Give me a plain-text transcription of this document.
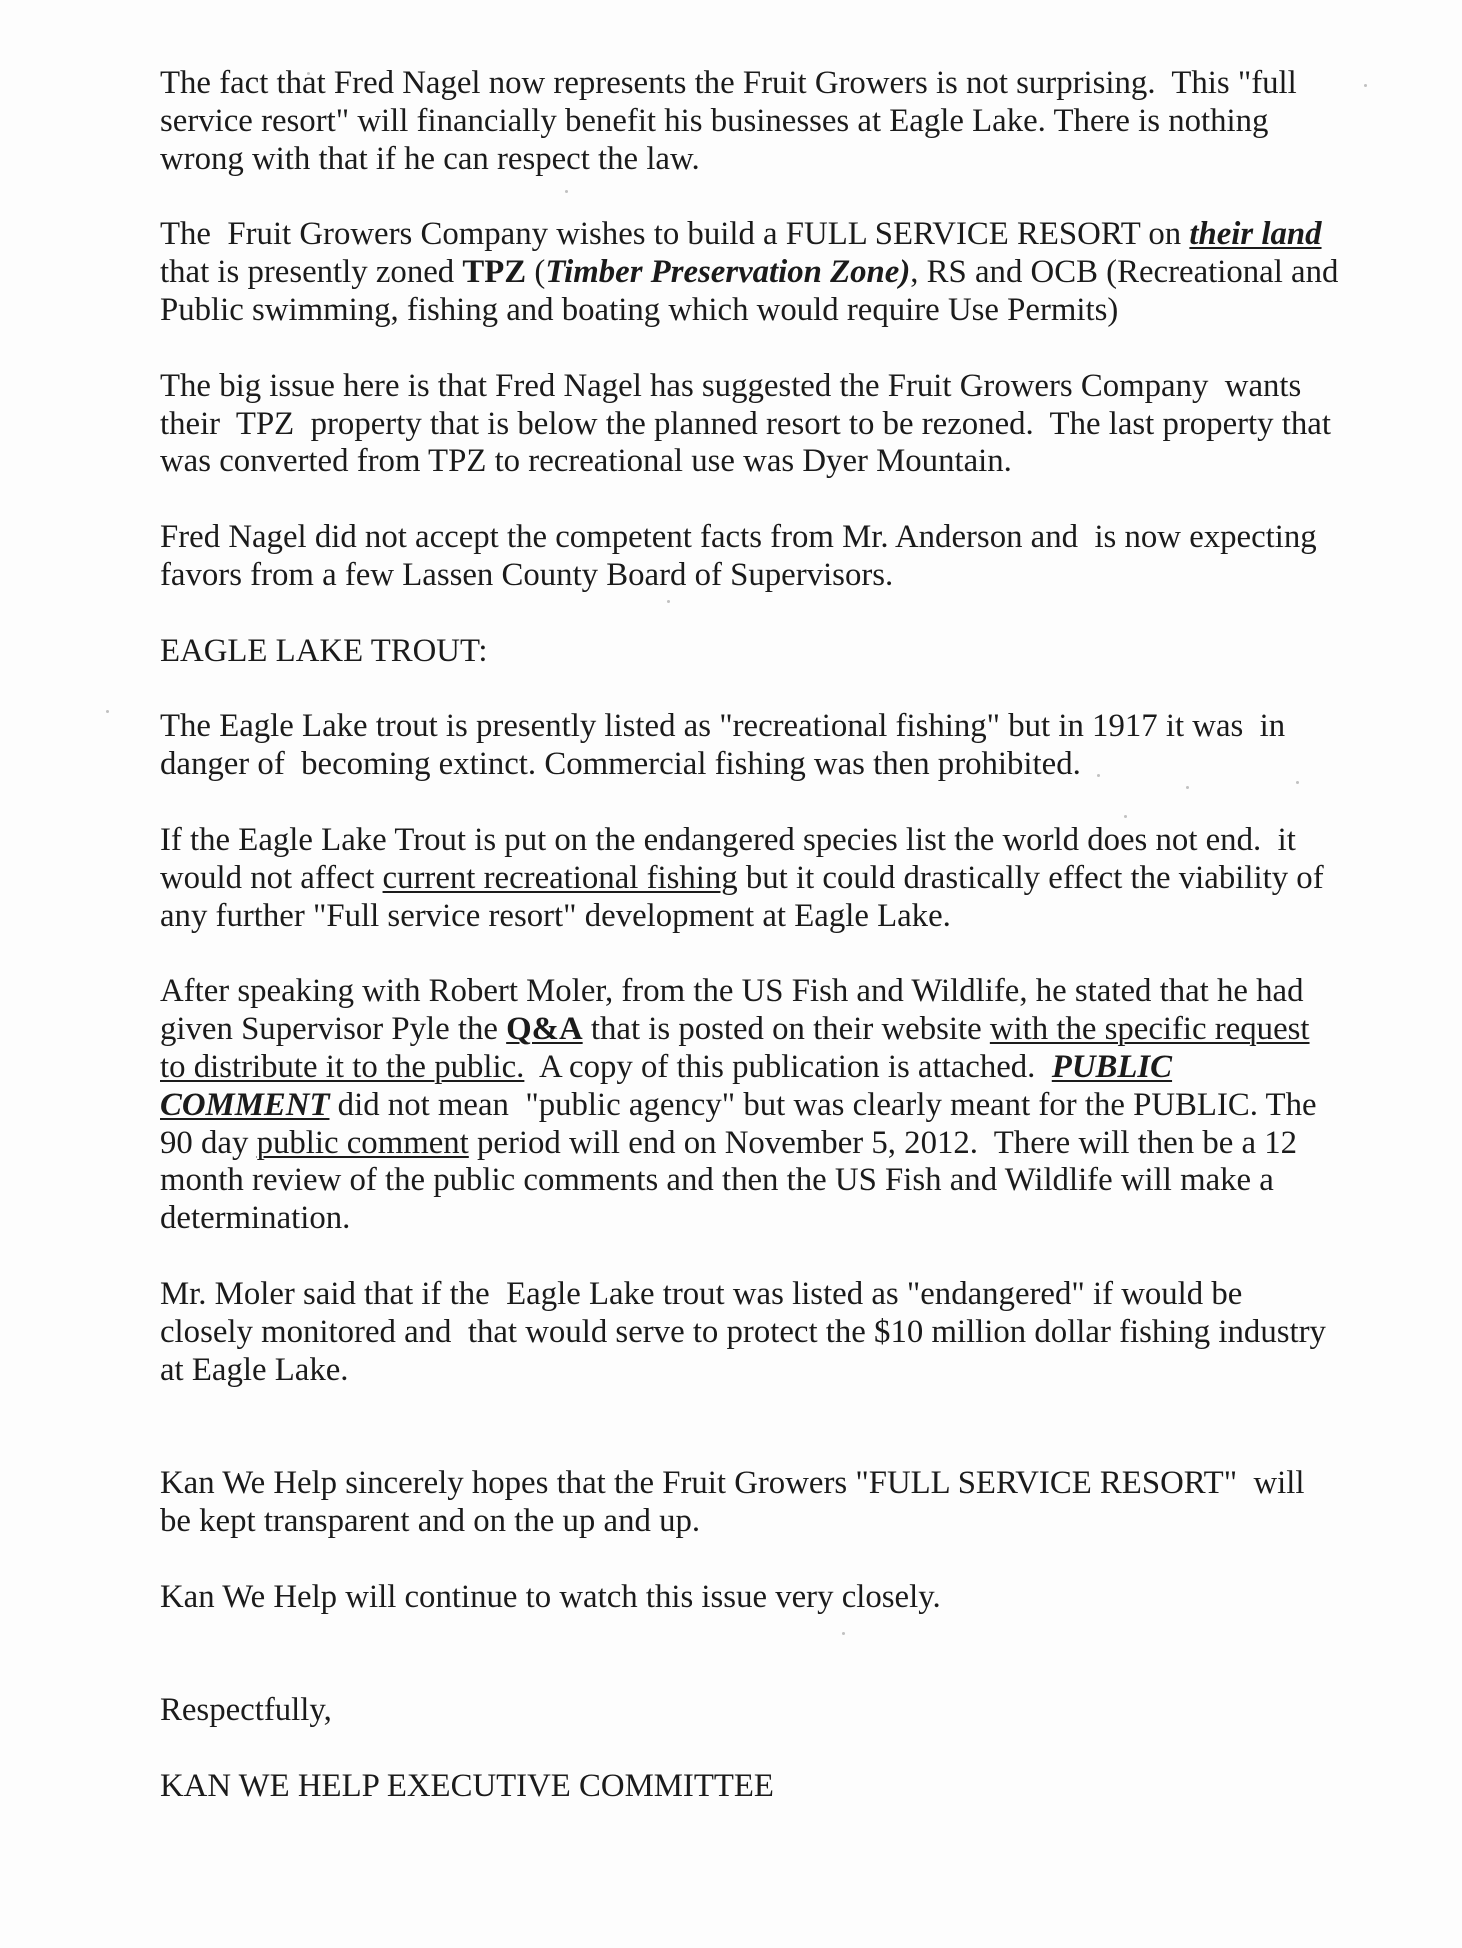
The fact that Fred Nagel now represents the Fruit Growers is not surprising.  This "full
service resort" will financially benefit his businesses at Eagle Lake. There is nothing
wrong with that if he can respect the law.
The  Fruit Growers Company wishes to build a FULL SERVICE RESORT on their land
that is presently zoned TPZ ( Timber Preservation Zone) , RS and OCB (Recreational and
Public swimming, fishing and boating which would require Use Permits)
The big issue here is that Fred Nagel has suggested the Fruit Growers Company  wants
their  TPZ  property that is below the planned resort to be rezoned.  The last property that
was converted from TPZ to recreational use was Dyer Mountain.
Fred Nagel did not accept the competent facts from Mr. Anderson and  is now expecting
favors from a few Lassen County Board of Supervisors.
EAGLE LAKE TROUT:
The Eagle Lake trout is presently listed as "recreational fishing" but in 1917 it was  in
danger of  becoming extinct. Commercial fishing was then prohibited.
If the Eagle Lake Trout is put on the endangered species list the world does not end.  it
would not affect current recreational fishing but it could drastically effect the viability of
any further "Full service resort" development at Eagle Lake.
After speaking with Robert Moler, from the US Fish and Wildlife, he stated that he had
given Supervisor Pyle the Q&A that is posted on their website with the specific request
to distribute it to the public. A copy of this publication is attached. PUBLIC
COMMENT did not mean  "public agency" but was clearly meant for the PUBLIC. The
90 day public comment period will end on November 5, 2012.  There will then be a 12
month review of the public comments and then the US Fish and Wildlife will make a
determination.
Mr. Moler said that if the  Eagle Lake trout was listed as "endangered" if would be
closely monitored and  that would serve to protect the $10 million dollar fishing industry
at Eagle Lake.
Kan We Help sincerely hopes that the Fruit Growers "FULL SERVICE RESORT"  will
be kept transparent and on the up and up.
Kan We Help will continue to watch this issue very closely.
Respectfully,
KAN WE HELP EXECUTIVE COMMITTEE
